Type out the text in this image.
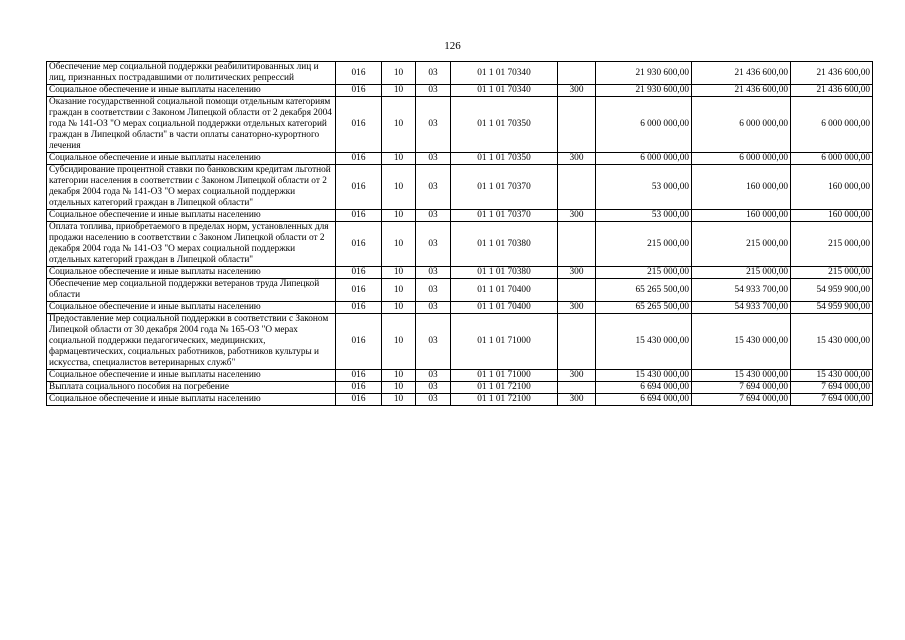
126
Обеспечение мер социальной поддержки реабилитированных лиц и лиц, признанных пострадавшими от политических репрессий	016	10	03	01 1 01 70340		21 930 600,00	21 436 600,00	21 436 600,00
Социальное обеспечение и иные выплаты населению	016	10	03	01 1 01 70340	300	21 930 600,00	21 436 600,00	21 436 600,00
Оказание государственной социальной помощи отдельным категориям граждан в соответствии с Законом Липецкой области от 2 декабря 2004 года № 141-ОЗ "О мерах социальной поддержки отдельных категорий граждан в Липецкой области" в части оплаты санаторно-курортного лечения	016	10	03	01 1 01 70350		6 000 000,00	6 000 000,00	6 000 000,00
Социальное обеспечение и иные выплаты населению	016	10	03	01 1 01 70350	300	6 000 000,00	6 000 000,00	6 000 000,00
Субсидирование процентной ставки по банковским кредитам льготной категории населения в соответствии с Законом Липецкой области от 2 декабря 2004 года № 141-ОЗ "О мерах социальной поддержки отдельных категорий граждан в Липецкой области"	016	10	03	01 1 01 70370		53 000,00	160 000,00	160 000,00
Социальное обеспечение и иные выплаты населению	016	10	03	01 1 01 70370	300	53 000,00	160 000,00	160 000,00
Оплата топлива, приобретаемого в пределах норм, установленных для продажи населению в соответствии с Законом Липецкой области от 2 декабря 2004 года № 141-ОЗ "О мерах социальной поддержки отдельных категорий граждан в Липецкой области"	016	10	03	01 1 01 70380		215 000,00	215 000,00	215 000,00
Социальное обеспечение и иные выплаты населению	016	10	03	01 1 01 70380	300	215 000,00	215 000,00	215 000,00
Обеспечение мер социальной поддержки ветеранов труда Липецкой области	016	10	03	01 1 01 70400		65 265 500,00	54 933 700,00	54 959 900,00
Социальное обеспечение и иные выплаты населению	016	10	03	01 1 01 70400	300	65 265 500,00	54 933 700,00	54 959 900,00
Предоставление мер социальной поддержки в соответствии с Законом Липецкой области от 30 декабря 2004 года № 165-ОЗ "О мерах социальной поддержки педагогических, медицинских, фармацевтических, социальных работников, работников культуры и искусства, специалистов ветеринарных служб"	016	10	03	01 1 01 71000		15 430 000,00	15 430 000,00	15 430 000,00
Социальное обеспечение и иные выплаты населению	016	10	03	01 1 01 71000	300	15 430 000,00	15 430 000,00	15 430 000,00
Выплата социального пособия на погребение	016	10	03	01 1 01 72100		6 694 000,00	7 694 000,00	7 694 000,00
Социальное обеспечение и иные выплаты населению	016	10	03	01 1 01 72100	300	6 694 000,00	7 694 000,00	7 694 000,00
